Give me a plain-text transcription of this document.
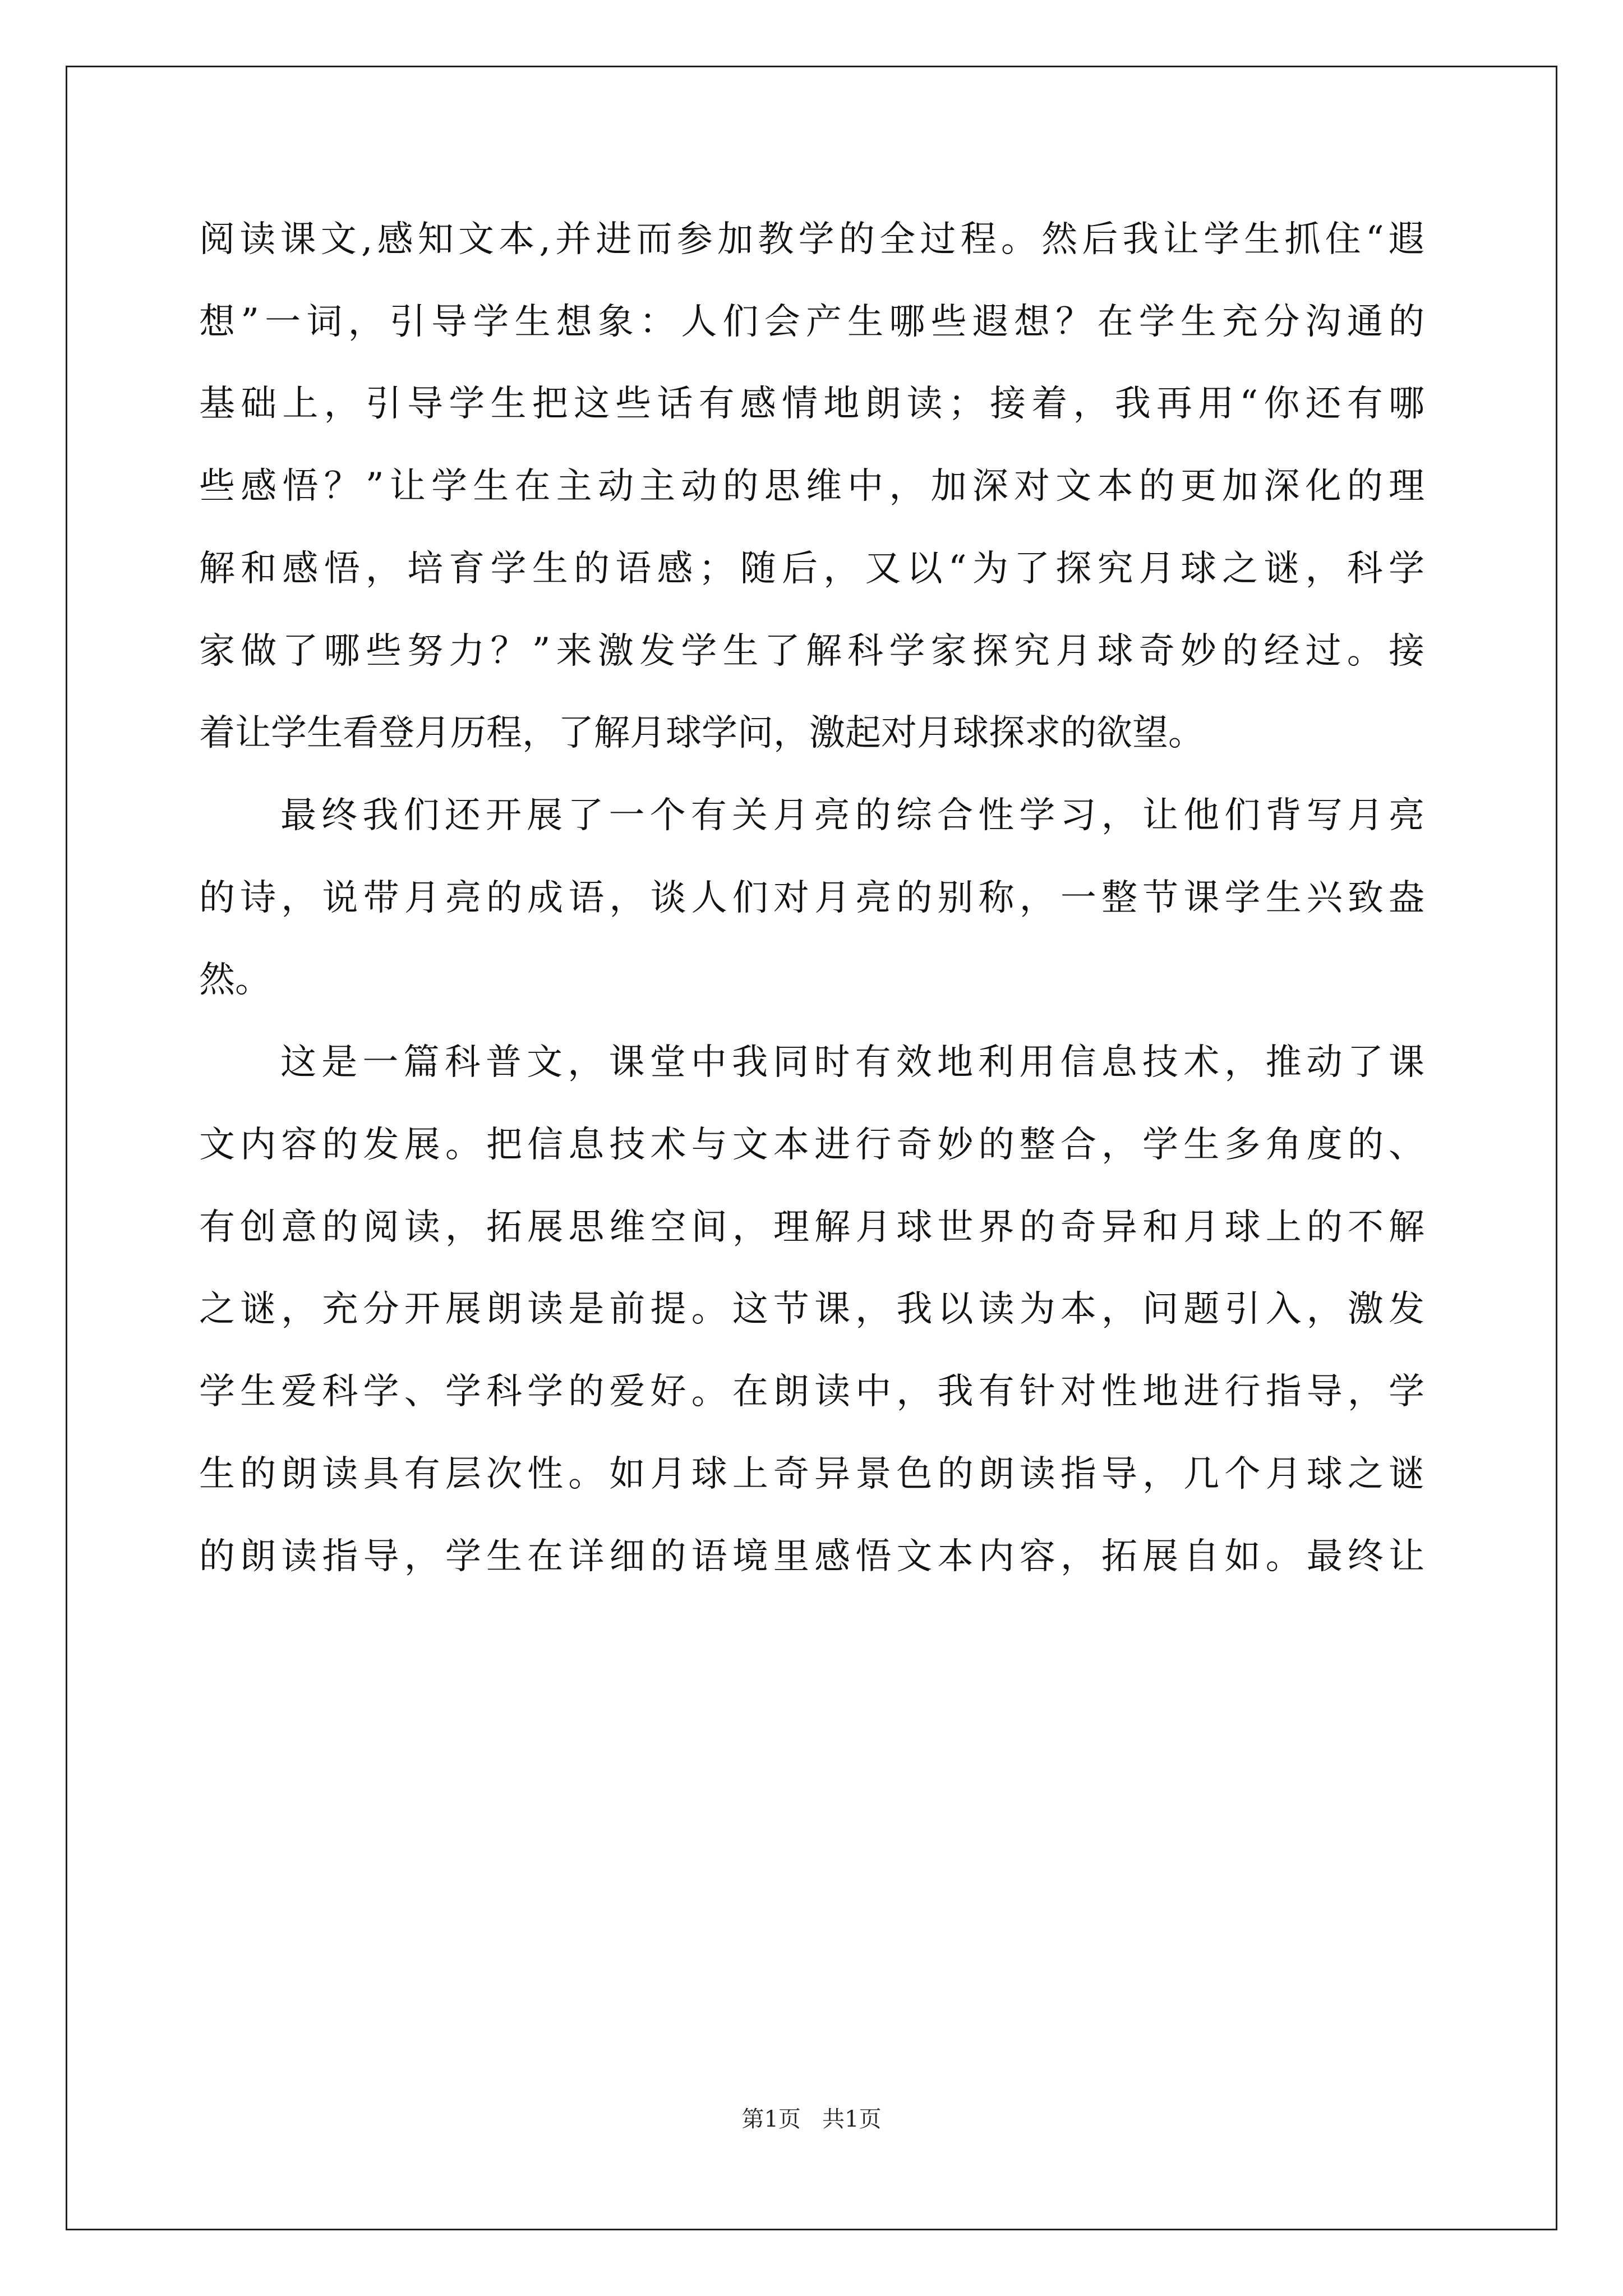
阅读课文,感知文本,并进而参加教学的全过程。然后我让学生抓住“遐
想”一词，引导学生想象：人们会产生哪些遐想？在学生充分沟通的
基础上，引导学生把这些话有感情地朗读；接着，我再用“你还有哪
些感悟？”让学生在主动主动的思维中，加深对文本的更加深化的理
解和感悟，培育学生的语感；随后，又以“为了探究月球之谜，科学
家做了哪些努力？”来激发学生了解科学家探究月球奇妙的经过。接
着让学生看登月历程，了解月球学问，激起对月球探求的欲望。
最终我们还开展了一个有关月亮的综合性学习，让他们背写月亮
的诗，说带月亮的成语，谈人们对月亮的别称，一整节课学生兴致盎
然。
这是一篇科普文，课堂中我同时有效地利用信息技术，推动了课
文内容的发展。把信息技术与文本进行奇妙的整合，学生多角度的、
有创意的阅读，拓展思维空间，理解月球世界的奇异和月球上的不解
之谜，充分开展朗读是前提。这节课，我以读为本，问题引入，激发
学生爱科学、学科学的爱好。在朗读中，我有针对性地进行指导，学
生的朗读具有层次性。如月球上奇异景色的朗读指导，几个月球之谜
的朗读指导，学生在详细的语境里感悟文本内容，拓展自如。最终让
第1页   共1页
